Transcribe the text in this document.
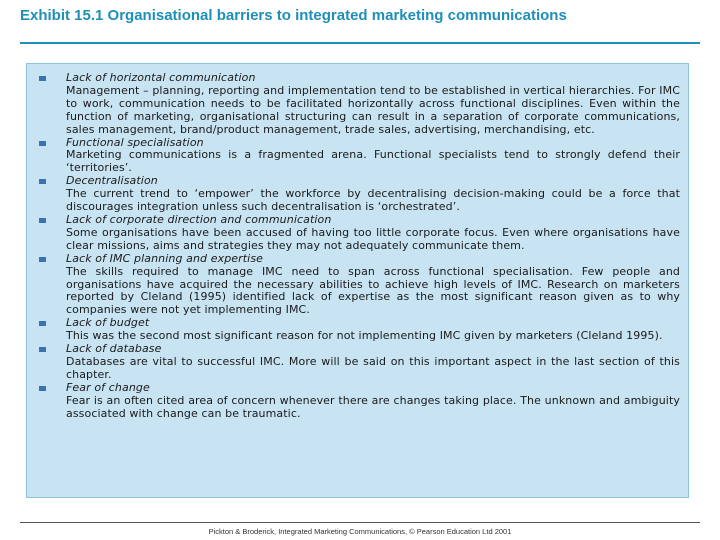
Exhibit 15.1 Organisational barriers to integrated marketing communications
Lack of horizontal communication
Management – planning, reporting and implementation tend to be established in vertical hierarchies. For IMC to work, communication needs to be facilitated horizontally across functional disciplines. Even within the function of marketing, organisational structuring can result in a separation of corporate communications, sales management, brand/product management, trade sales, advertising, merchandising, etc.
Functional specialisation
Marketing communications is a fragmented arena. Functional specialists tend to strongly defend their ‘territories’.
Decentralisation
The current trend to ‘empower’ the workforce by decentralising decision-making could be a force that discourages integration unless such decentralisation is ‘orchestrated’.
Lack of corporate direction and communication
Some organisations have been accused of having too little corporate focus. Even where organisations have clear missions, aims and strategies they may not adequately communicate them.
Lack of IMC planning and expertise
The skills required to manage IMC need to span across functional specialisation. Few people and organisations have acquired the necessary abilities to achieve high levels of IMC. Research on marketers reported by Cleland (1995) identified lack of expertise as the most significant reason given as to why companies were not yet implementing IMC.
Lack of budget
This was the second most significant reason for not implementing IMC given by marketers (Cleland 1995).
Lack of database
Databases are vital to successful IMC. More will be said on this important aspect in the last section of this chapter.
Fear of change
Fear is an often cited area of concern whenever there are changes taking place. The unknown and ambiguity associated with change can be traumatic.
Pickton & Broderick, Integrated Marketing Communications, © Pearson Education Ltd 2001
